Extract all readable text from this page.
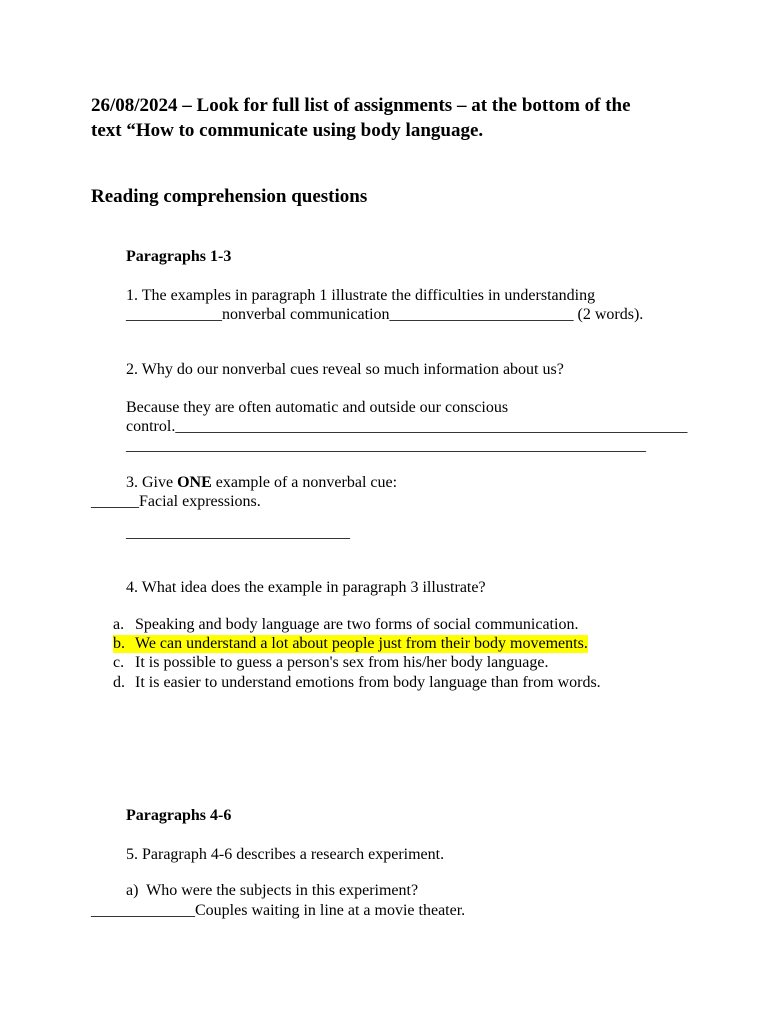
26/08/2024 – Look for full list of assignments – at the bottom of the
text “How to communicate using body language.
Reading comprehension questions
Paragraphs 1-3
1. The examples in paragraph 1 illustrate the difficulties in understanding
____________nonverbal communication_______________________ (2 words).
2. Why do our nonverbal cues reveal so much information about us?
Because they are often automatic and outside our conscious
control.________________________________________________________________
_________________________________________________________________
3. Give ONE example of a nonverbal cue:
______Facial expressions.
____________________________
4. What idea does the example in paragraph 3 illustrate?
a. Speaking and body language are two forms of social communication.
b. We can understand a lot about people just from their body movements.
c. It is possible to guess a person's sex from his/her body language.
d. It is easier to understand emotions from body language than from words.
Paragraphs 4-6
5. Paragraph 4-6 describes a research experiment.
a)  Who were the subjects in this experiment?
_____________Couples waiting in line at a movie theater.
